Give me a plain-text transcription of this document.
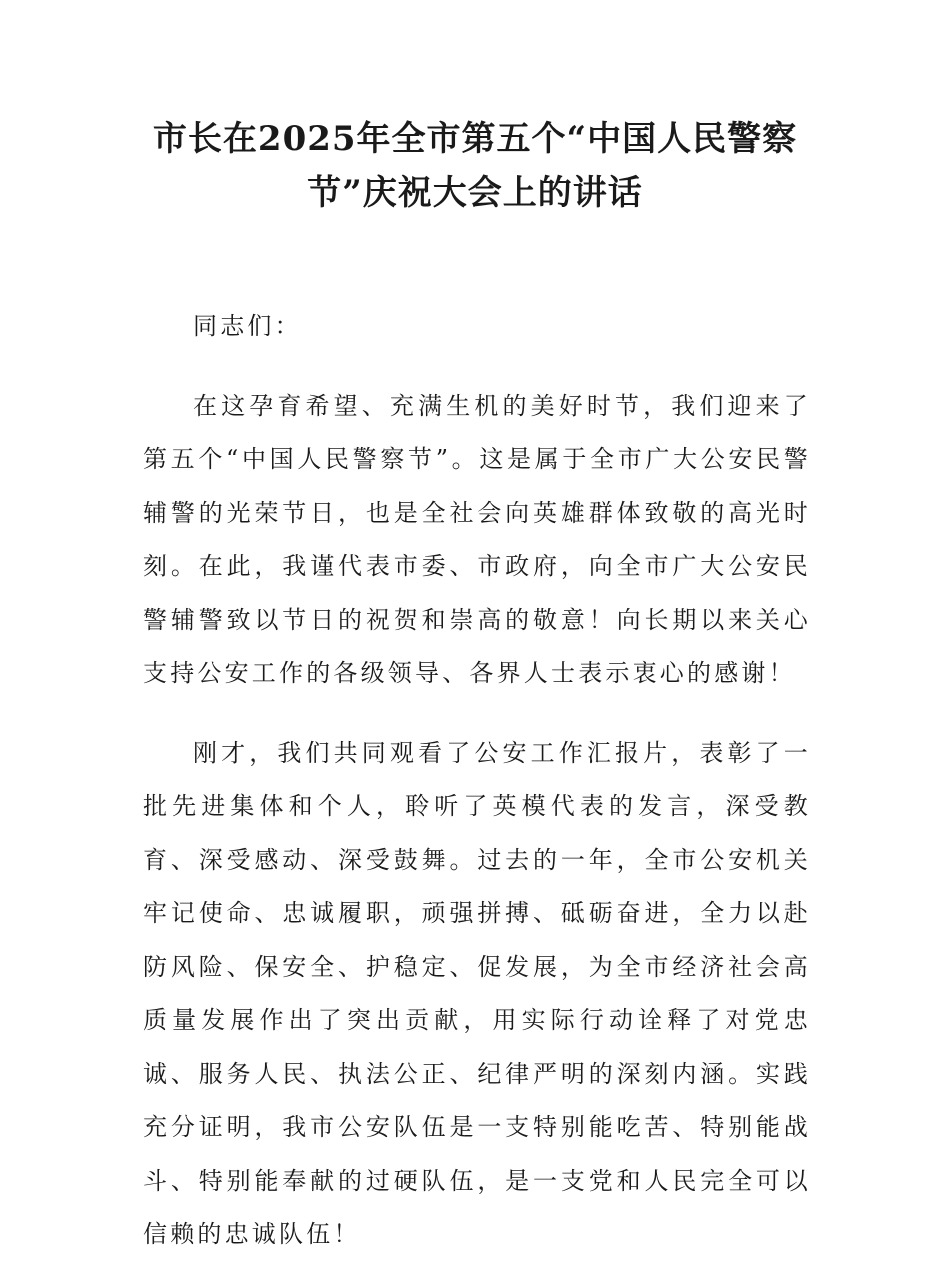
市长在2025年全市第五个“中国人民警察节”庆祝大会上的讲话

同志们：

在这孕育希望、充满生机的美好时节，我们迎来了第五个“中国人民警察节”。这是属于全市广大公安民警辅警的光荣节日，也是全社会向英雄群体致敬的高光时刻。在此，我谨代表市委、市政府，向全市广大公安民警辅警致以节日的祝贺和崇高的敬意！向长期以来关心支持公安工作的各级领导、各界人士表示衷心的感谢！

刚才，我们共同观看了公安工作汇报片，表彰了一批先进集体和个人，聆听了英模代表的发言，深受教育、深受感动、深受鼓舞。过去的一年，全市公安机关牢记使命、忠诚履职，顽强拼搏、砥砺奋进，全力以赴防风险、保安全、护稳定、促发展，为全市经济社会高质量发展作出了突出贡献，用实际行动诠释了对党忠诚、服务人民、执法公正、纪律严明的深刻内涵。实践充分证明，我市公安队伍是一支特别能吃苦、特别能战斗、特别能奉献的过硬队伍，是一支党和人民完全可以信赖的忠诚队伍！
